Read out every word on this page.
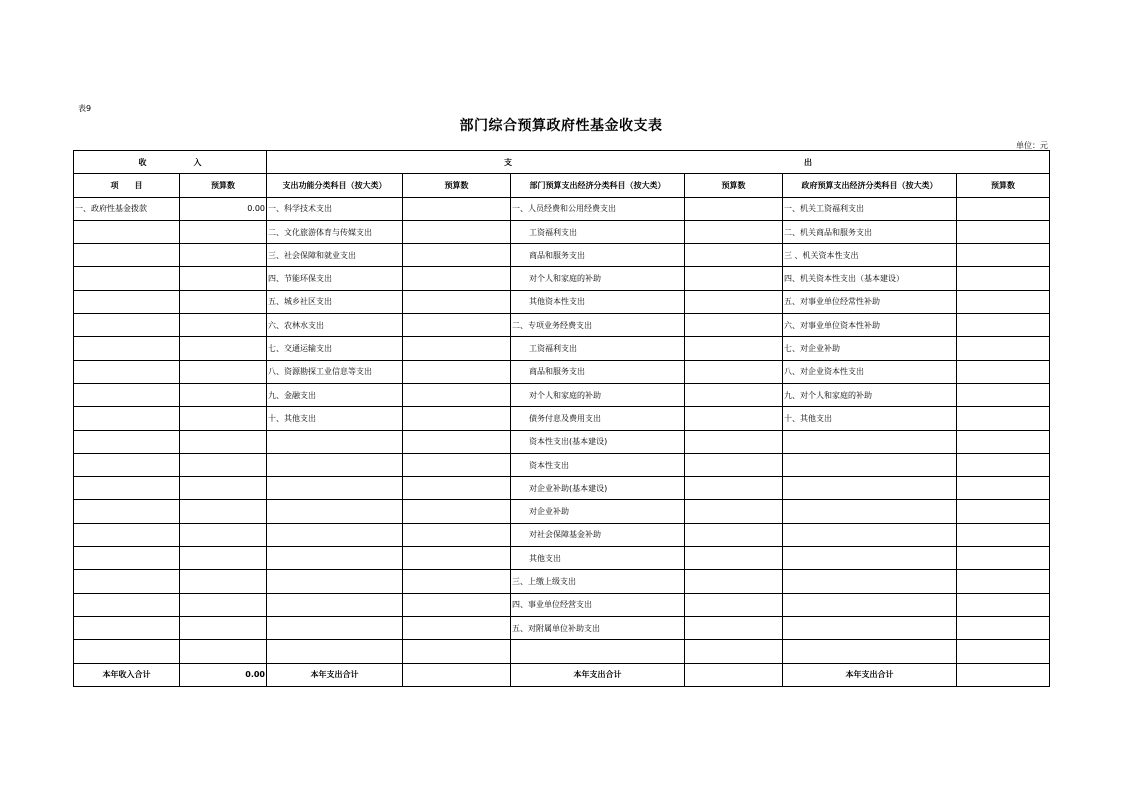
表9
部门综合预算政府性基金收支表
单位：元
收 入		支 出					

项　　目	预算数	支出功能分类科目（按大类）	预算数	部门预算支出经济分类科目（按大类）	预算数	政府预算支出经济分类科目（按大类）	预算数
一、政府性基金拨款	0.00	一、科学技术支出		一、人员经费和公用经费支出		一、机关工资福利支出	
		二、文化旅游体育与传媒支出		工资福利支出		二、机关商品和服务支出	
		三、社会保障和就业支出		商品和服务支出		三 、机关资本性支出	
		四、节能环保支出		对个人和家庭的补助		四、机关资本性支出（基本建设）	
		五、城乡社区支出		其他资本性支出		五、对事业单位经常性补助	
		六、农林水支出		二、专项业务经费支出		六、对事业单位资本性补助	
		七、交通运输支出		工资福利支出		七、对企业补助	
		八、资源勘探工业信息等支出		商品和服务支出		八、对企业资本性支出	
		九、金融支出		对个人和家庭的补助		九、对个人和家庭的补助	
		十、其他支出		债务付息及费用支出		十、其他支出	
				资本性支出(基本建设)			
				资本性支出			
				对企业补助(基本建设)			
				对企业补助			
				对社会保障基金补助			
				其他支出			
				三、上缴上级支出			
				四、事业单位经营支出			
				五、对附属单位补助支出			

本年收入合计	0.00	本年支出合计		本年支出合计		本年支出合计	
